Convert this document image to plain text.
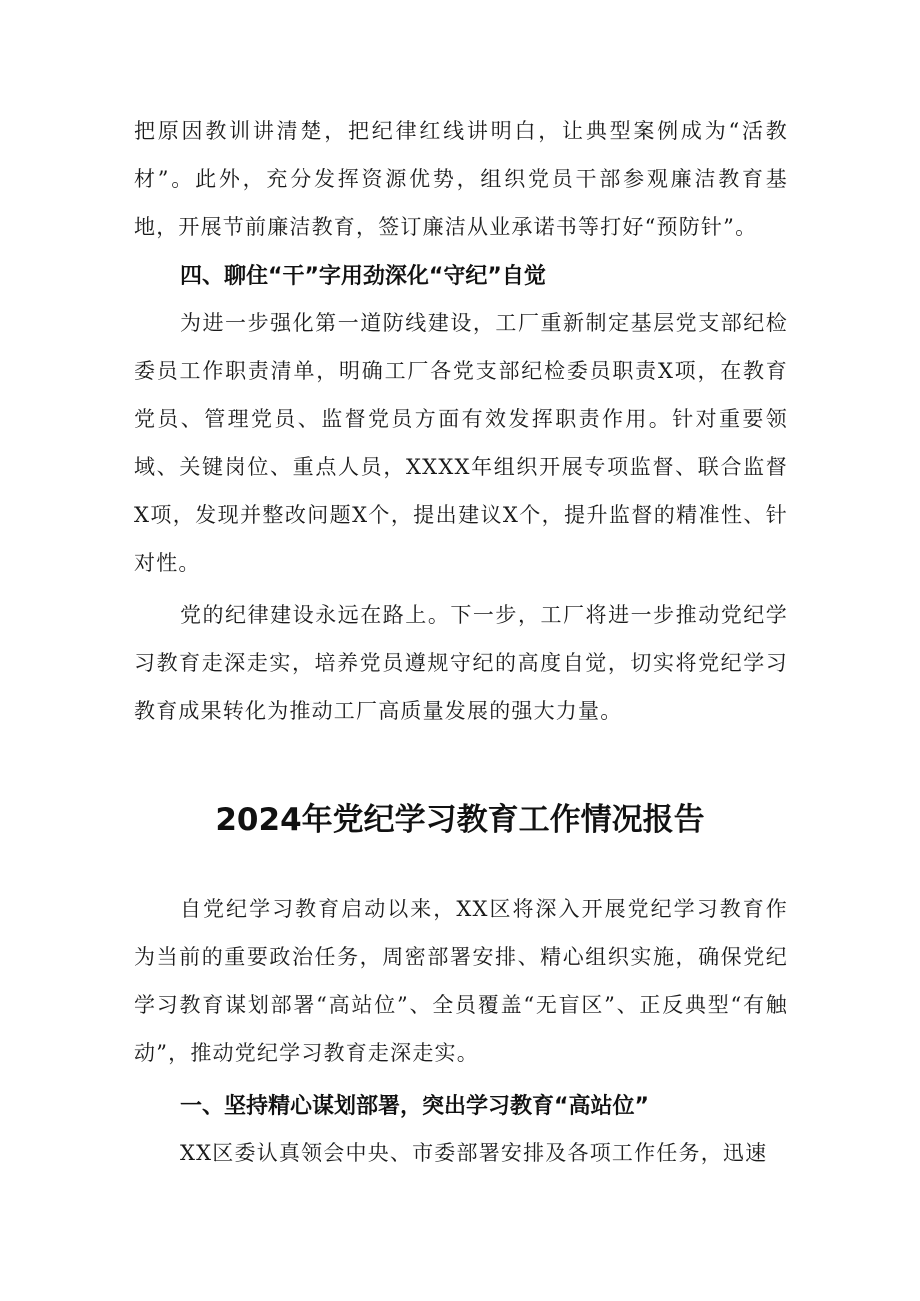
把原因教训讲清楚，把纪律红线讲明白，让典型案例成为“活教材”。此外，充分发挥资源优势，组织党员干部参观廉洁教育基地，开展节前廉洁教育，签订廉洁从业承诺书等打好“预防针”。

四、聊住“干”字用劲深化“守纪”自觉

为进一步强化第一道防线建设，工厂重新制定基层党支部纪检委员工作职责清单，明确工厂各党支部纪检委员职责X项，在教育党员、管理党员、监督党员方面有效发挥职责作用。针对重要领域、关键岗位、重点人员，XXXX年组织开展专项监督、联合监督X项，发现并整改问题X个，提出建议X个，提升监督的精准性、针对性。

党的纪律建设永远在路上。下一步，工厂将进一步推动党纪学习教育走深走实，培养党员遵规守纪的高度自觉，切实将党纪学习教育成果转化为推动工厂高质量发展的强大力量。

2024年党纪学习教育工作情况报告

自党纪学习教育启动以来，XX区将深入开展党纪学习教育作为当前的重要政治任务，周密部署安排、精心组织实施，确保党纪学习教育谋划部署“高站位”、全员覆盖“无盲区”、正反典型“有触动”，推动党纪学习教育走深走实。

一、坚持精心谋划部署，突出学习教育“高站位”

XX区委认真领会中央、市委部署安排及各项工作任务，迅速
